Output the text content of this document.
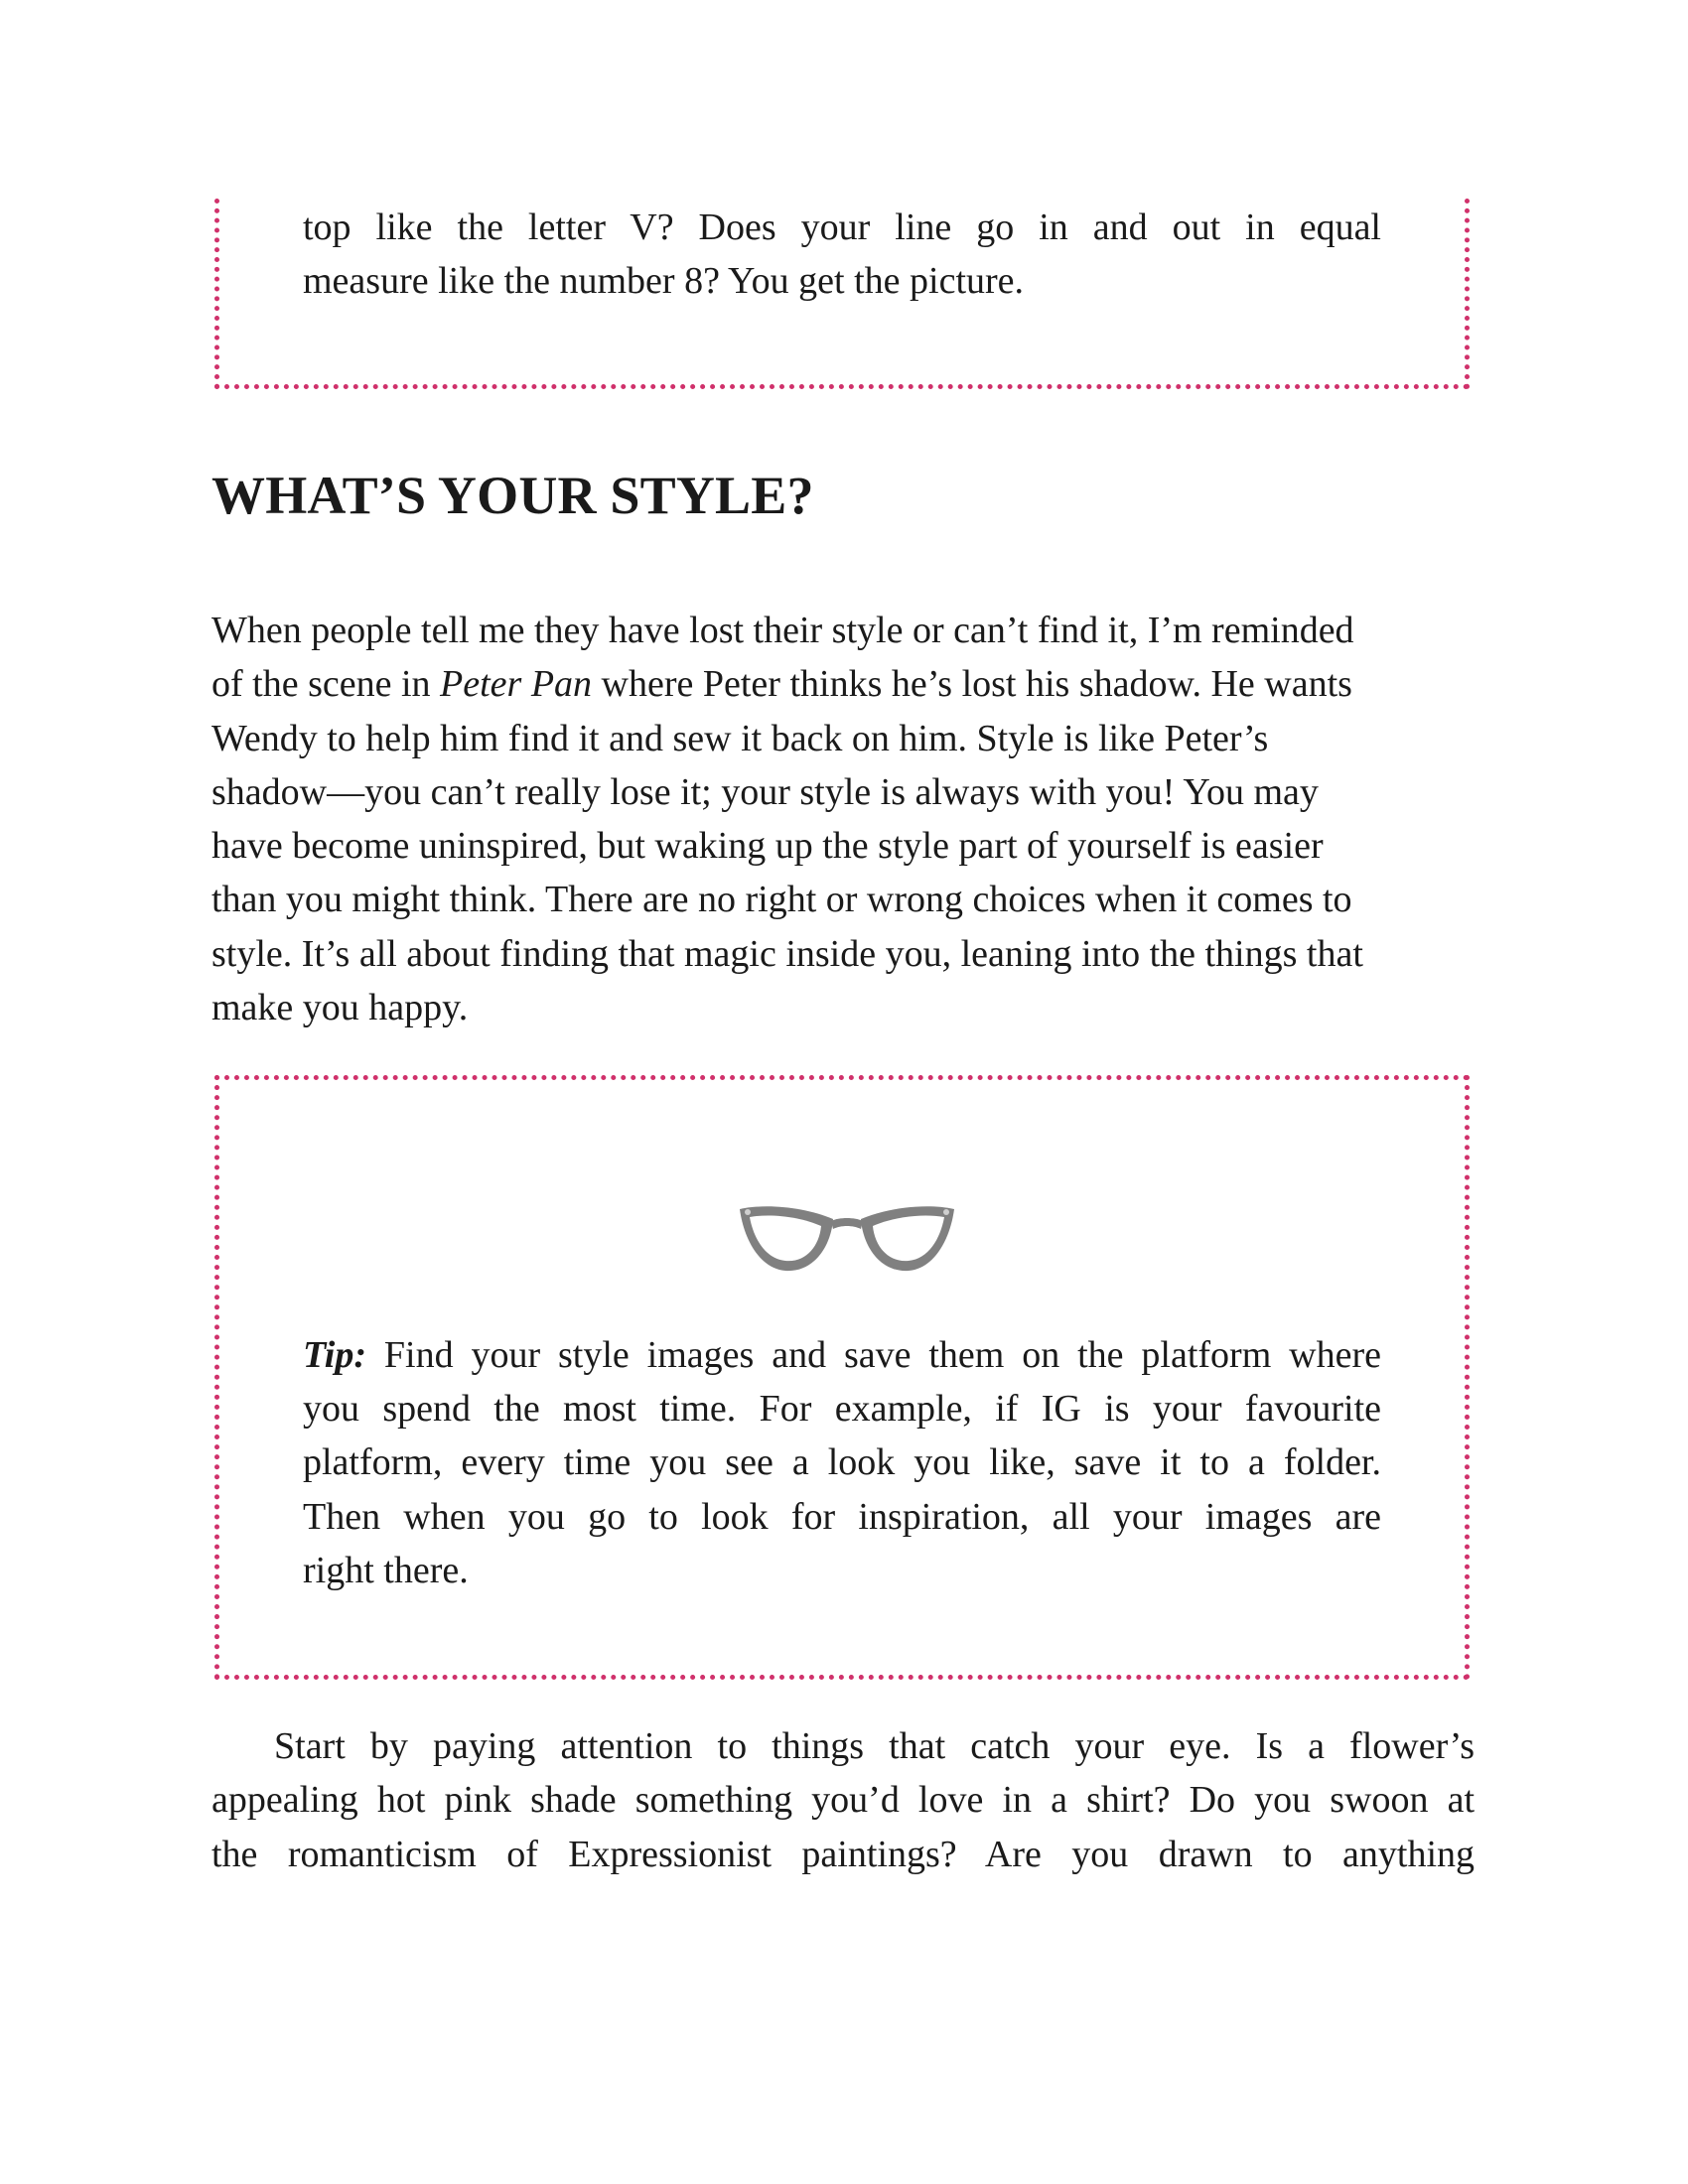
top like the letter V? Does your line go in and out in equal
measure like the number 8? You get the picture.
WHAT’S YOUR STYLE?

When people tell me they have lost their style or can’t find it, I’m reminded
of the scene in Peter Pan where Peter thinks he’s lost his shadow. He wants
Wendy to help him find it and sew it back on him. Style is like Peter’s
shadow—you can’t really lose it; your style is always with you! You may
have become uninspired, but waking up the style part of yourself is easier
than you might think. There are no right or wrong choices when it comes to
style. It’s all about finding that magic inside you, leaning into the things that
make you happy.

Tip: Find your style images and save them on the platform where
you spend the most time. For example, if IG is your favourite
platform, every time you see a look you like, save it to a folder.
Then when you go to look for inspiration, all your images are
right there.

Start by paying attention to things that catch your eye. Is a flower’s
appealing hot pink shade something you’d love in a shirt? Do you swoon at
the romanticism of Expressionist paintings? Are you drawn to anything
